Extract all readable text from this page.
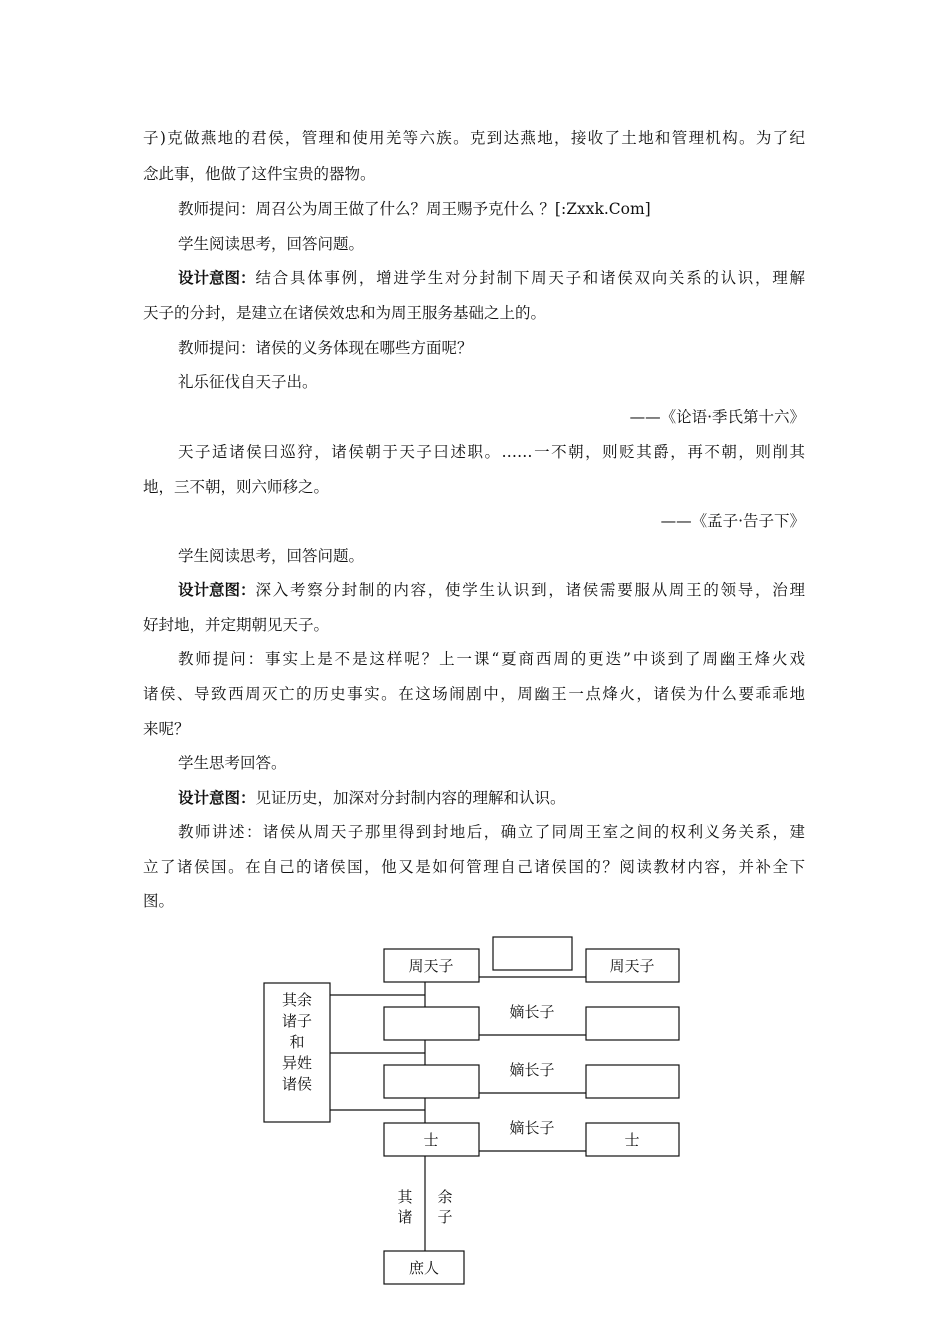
子)克做燕地的君侯，管理和使用羌等六族。克到达燕地，接收了土地和管理机构。为了纪
念此事，他做了这件宝贵的器物。
教师提问：周召公为周王做了什么？周王赐予克什么 ？[:Zxxk.Com]
学生阅读思考，回答问题。
设计意图： 结合具体事例，增进学生对分封制下周天子和诸侯双向关系的认识，理解
天子的分封，是建立在诸侯效忠和为周王服务基础之上的。
教师提问：诸侯的义务体现在哪些方面呢？
礼乐征伐自天子出。
——《论语·季氏第十六》
天子适诸侯曰巡狩，诸侯朝于天子曰述职。……一不朝，则贬其爵，再不朝，则削其
地，三不朝，则六师移之。
——《孟子·告子下》
学生阅读思考，回答问题。
设计意图： 深入考察分封制的内容，使学生认识到，诸侯需要服从周王的领导，治理
好封地，并定期朝见天子。
教师提问：事实上是不是这样呢？上一课“夏商西周的更迭”中谈到了周幽王烽火戏
诸侯、导致西周灭亡的历史事实。在这场闹剧中，周幽王一点烽火，诸侯为什么要乖乖地
来呢？
学生思考回答。
设计意图： 见证历史，加深对分封制内容的理解和认识。
教师讲述：诸侯从周天子那里得到封地后，确立了同周王室之间的权利义务关系，建
立了诸侯国。在自己的诸侯国，他又是如何管理自己诸侯国的？阅读教材内容，并补全下
图。
其余
诸子
和
异姓
诸侯
周天子	周天子
嫡长子
嫡长子
嫡长子
士	士
其
诸
余
子
庶人
